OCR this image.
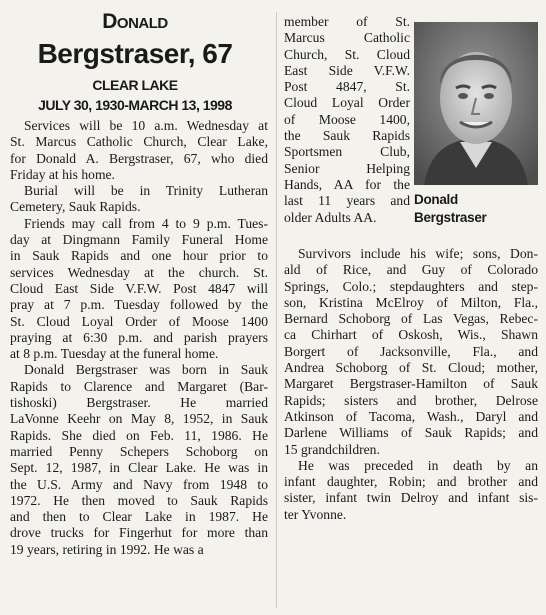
Donald
Bergstraser, 67
CLEAR LAKE
JULY 30, 1930-MARCH 13, 1998
Services will be 10 a.m. Wednesday at
St. Marcus Catholic Church, Clear Lake,
for Donald A. Bergstraser, 67, who died
Friday at his home.
Burial will be in Trinity Lutheran
Cemetery, Sauk Rapids.
Friends may call from 4 to 9 p.m. Tues-
day at Dingmann Family Funeral Home
in Sauk Rapids and one hour prior to
services Wednesday at the church. St.
Cloud East Side V.F.W. Post 4847 will
pray at 7 p.m. Tuesday followed by the
St. Cloud Loyal Order of Moose 1400
praying at 6:30 p.m. and parish prayers
at 8 p.m. Tuesday at the funeral home.
Donald Bergstraser was born in Sauk
Rapids to Clarence and Margaret (Bar-
tishoski) Bergstraser. He married
LaVonne Keehr on May 8, 1952, in Sauk
Rapids. She died on Feb. 11, 1986. He
married Penny Schepers Schoborg on
Sept. 12, 1987, in Clear Lake. He was in
the U.S. Army and Navy from 1948 to
1972. He then moved to Sauk Rapids
and then to Clear Lake in 1987. He
drove trucks for Fingerhut for more than
19 years, retiring in 1992. He was a
member of St.
Marcus Catholic
Church, St. Cloud
East Side V.F.W.
Post 4847, St.
Cloud Loyal Order
of Moose 1400,
the Sauk Rapids
Sportsmen Club,
Senior Helping
Hands, AA for the
last 11 years and
older Adults AA.
Donald
Bergstraser
Survivors include his wife; sons, Don-
ald of Rice, and Guy of Colorado
Springs, Colo.; stepdaughters and step-
son, Kristina McElroy of Milton, Fla.,
Bernard Schoborg of Las Vegas, Rebec-
ca Chirhart of Oskosh, Wis., Shawn
Borgert of Jacksonville, Fla., and
Andrea Schoborg of St. Cloud; mother,
Margaret Bergstraser-Hamilton of Sauk
Rapids; sisters and brother, Delrose
Atkinson of Tacoma, Wash., Daryl and
Darlene Williams of Sauk Rapids; and
15 grandchildren.
He was preceded in death by an
infant daughter, Robin; and brother and
sister, infant twin Delroy and infant sis-
ter Yvonne.
